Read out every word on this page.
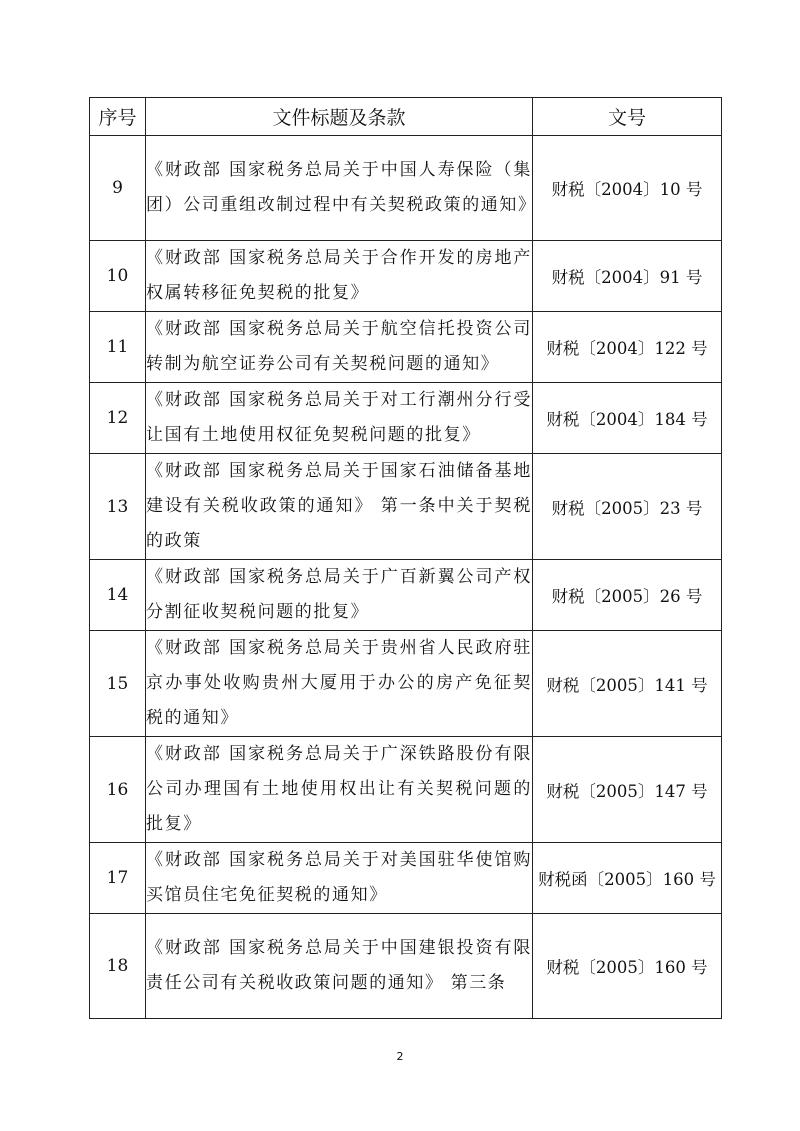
序号	文件标题及条款	文号
9	《财政部 国家税务总局关于中国人寿保险（集团）公司重组改制过程中有关契税政策的通知》	财税〔2004〕10 号
10	《财政部 国家税务总局关于合作开发的房地产权属转移征免契税的批复》	财税〔2004〕91 号
11	《财政部 国家税务总局关于航空信托投资公司转制为航空证券公司有关契税问题的通知》	财税〔2004〕122 号
12	《财政部 国家税务总局关于对工行潮州分行受让国有土地使用权征免契税问题的批复》	财税〔2004〕184 号
13	《财政部 国家税务总局关于国家石油储备基地建设有关税收政策的通知》 第一条中关于契税的政策	财税〔2005〕23 号
14	《财政部 国家税务总局关于广百新翼公司产权分割征收契税问题的批复》	财税〔2005〕26 号
15	《财政部 国家税务总局关于贵州省人民政府驻京办事处收购贵州大厦用于办公的房产免征契税的通知》	财税〔2005〕141 号
16	《财政部 国家税务总局关于广深铁路股份有限公司办理国有土地使用权出让有关契税问题的批复》	财税〔2005〕147 号
17	《财政部 国家税务总局关于对美国驻华使馆购买馆员住宅免征契税的通知》	财税函〔2005〕160 号
18	《财政部 国家税务总局关于中国建银投资有限责任公司有关税收政策问题的通知》 第三条	财税〔2005〕160 号
2
